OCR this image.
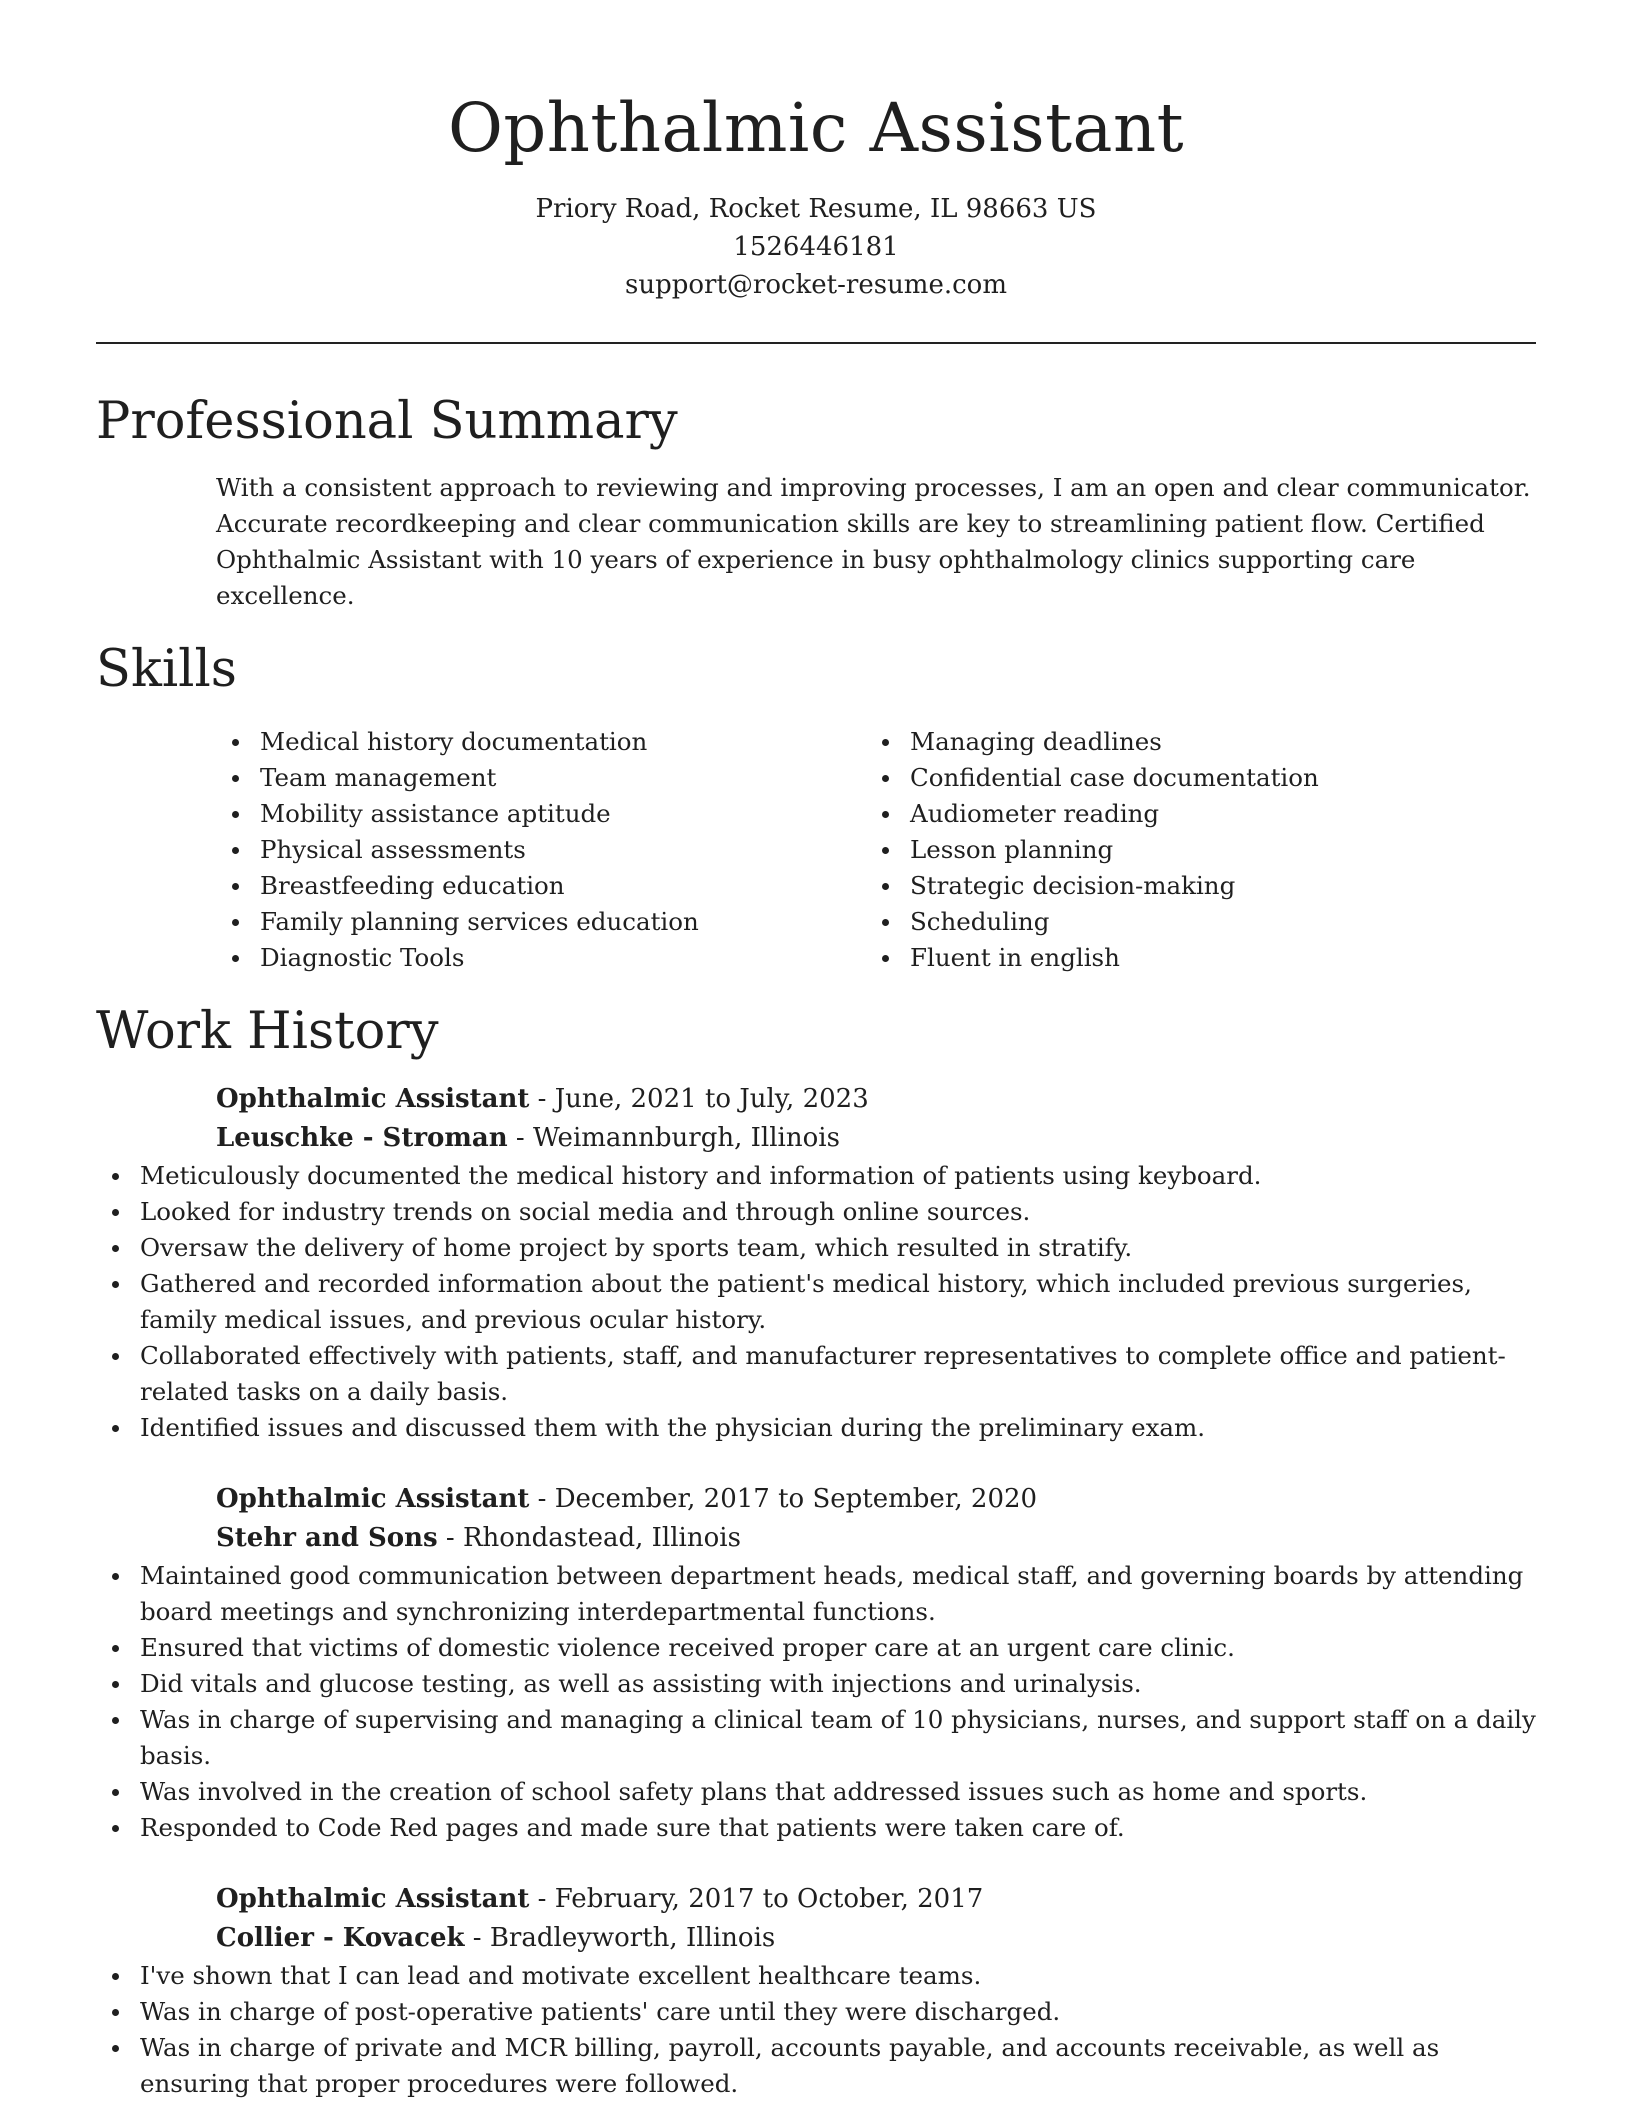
Ophthalmic Assistant

Priory Road, Rocket Resume, IL 98663 US

1526446181

support@rocket-resume.com

Professional Summary

With a consistent approach to reviewing and improving processes, I am an open and clear communicator. Accurate recordkeeping and clear communication skills are key to streamlining patient flow. Certified Ophthalmic Assistant with 10 years of experience in busy ophthalmology clinics supporting care excellence.

Skills
Medical history documentation
Team management
Mobility assistance aptitude
Physical assessments
Breastfeeding education
Family planning services education
Diagnostic Tools
Managing deadlines
Confidential case documentation
Audiometer reading
Lesson planning
Strategic decision-making
Scheduling
Fluent in english
Work History
Ophthalmic Assistant - June, 2021 to July, 2023
Leuschke - Stroman - Weimannburgh, Illinois
Meticulously documented the medical history and information of patients using keyboard.
Looked for industry trends on social media and through online sources.
Oversaw the delivery of home project by sports team, which resulted in stratify.
Gathered and recorded information about the patient's medical history, which included previous surgeries, family medical issues, and previous ocular history.
Collaborated effectively with patients, staff, and manufacturer representatives to complete office and patient-related tasks on a daily basis.
Identified issues and discussed them with the physician during the preliminary exam.
Ophthalmic Assistant - December, 2017 to September, 2020
Stehr and Sons - Rhondastead, Illinois
Maintained good communication between department heads, medical staff, and governing boards by attending board meetings and synchronizing interdepartmental functions.
Ensured that victims of domestic violence received proper care at an urgent care clinic.
Did vitals and glucose testing, as well as assisting with injections and urinalysis.
Was in charge of supervising and managing a clinical team of 10 physicians, nurses, and support staff on a daily basis.
Was involved in the creation of school safety plans that addressed issues such as home and sports.
Responded to Code Red pages and made sure that patients were taken care of.
Ophthalmic Assistant - February, 2017 to October, 2017
Collier - Kovacek - Bradleyworth, Illinois
I've shown that I can lead and motivate excellent healthcare teams.
Was in charge of post-operative patients' care until they were discharged.
Was in charge of private and MCR billing, payroll, accounts payable, and accounts receivable, as well as ensuring that proper procedures were followed.
